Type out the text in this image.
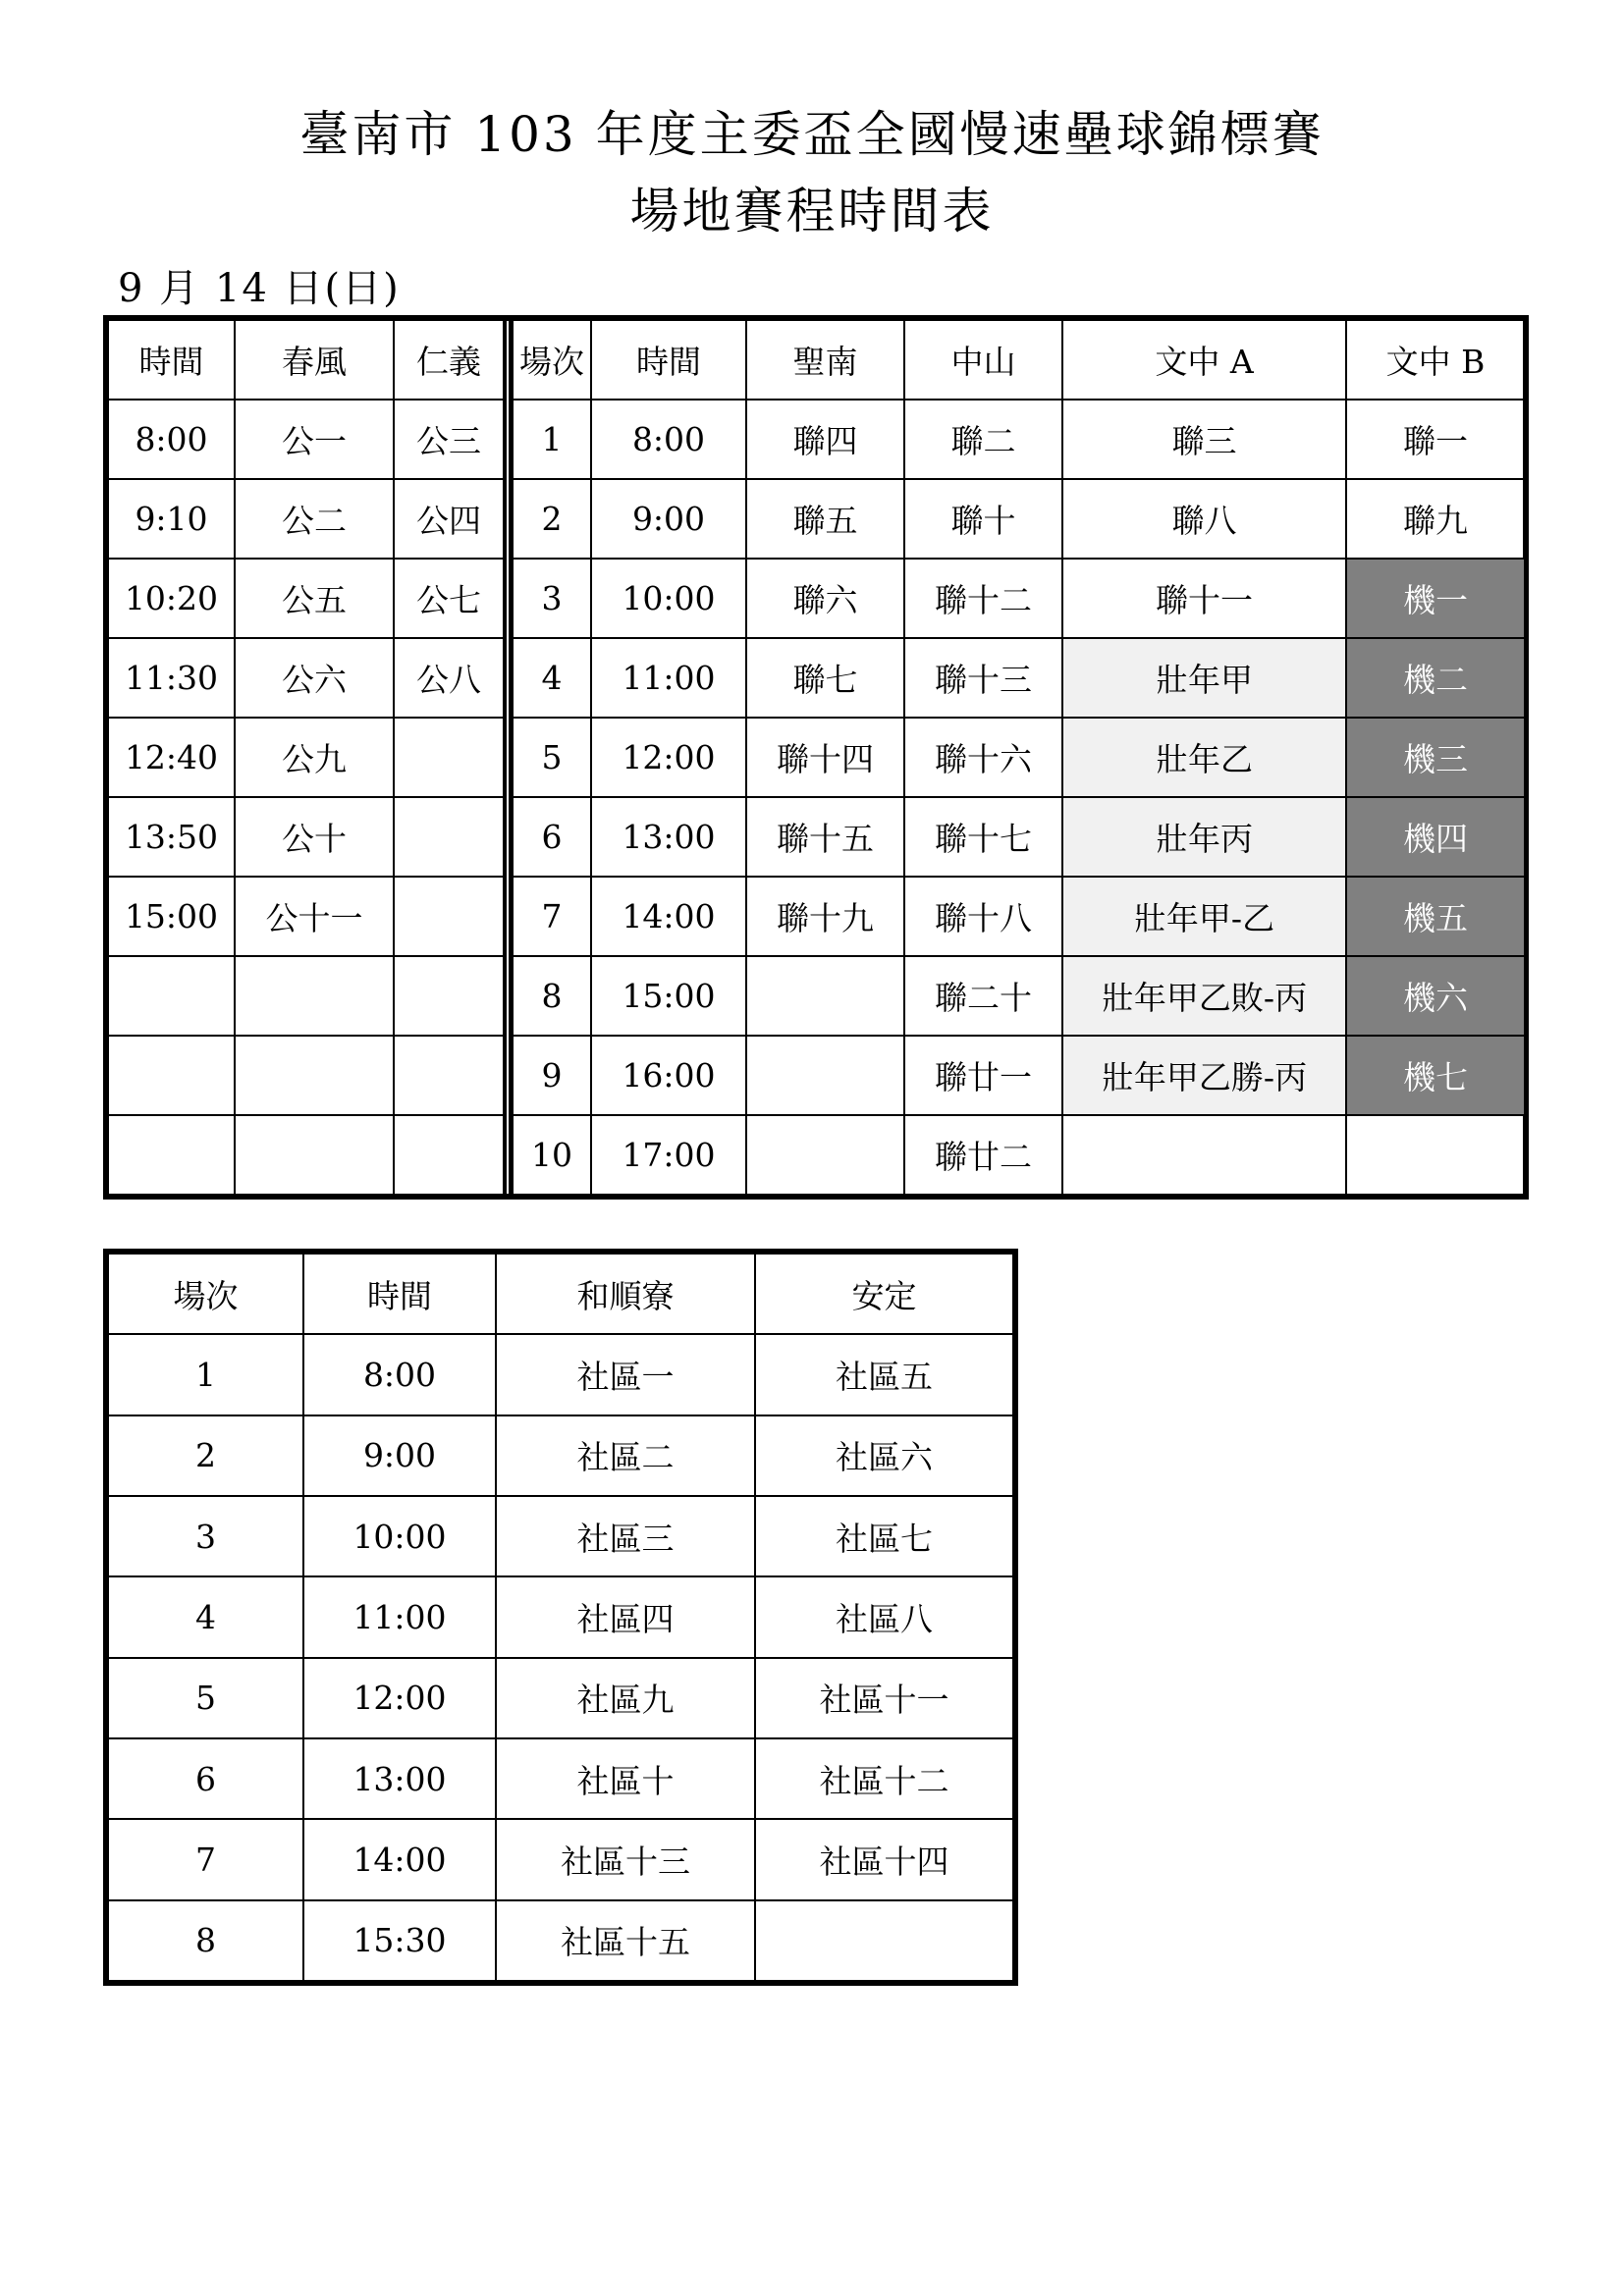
臺南市 103 年度主委盃全國慢速壘球錦標賽
場地賽程時間表
9 月 14 日(日)
時間	春風	仁義
8:00	公一	公三
9:10	公二	公四
10:20	公五	公七
11:30	公六	公八
12:40	公九	
13:50	公十	
15:00	公十一	

場次	時間	聖南	中山	文中 A	文中 B
1	8:00	聯四	聯二	聯三	聯一
2	9:00	聯五	聯十	聯八	聯九
3	10:00	聯六	聯十二	聯十一	機一
4	11:00	聯七	聯十三	壯年甲	機二
5	12:00	聯十四	聯十六	壯年乙	機三
6	13:00	聯十五	聯十七	壯年丙	機四
7	14:00	聯十九	聯十八	壯年甲-乙	機五
8	15:00		聯二十	壯年甲乙敗-丙	機六
9	16:00		聯廿一	壯年甲乙勝-丙	機七
10	17:00		聯廿二		
場次	時間	和順寮	安定
1	8:00	社區一	社區五
2	9:00	社區二	社區六
3	10:00	社區三	社區七
4	11:00	社區四	社區八
5	12:00	社區九	社區十一
6	13:00	社區十	社區十二
7	14:00	社區十三	社區十四
8	15:30	社區十五	
